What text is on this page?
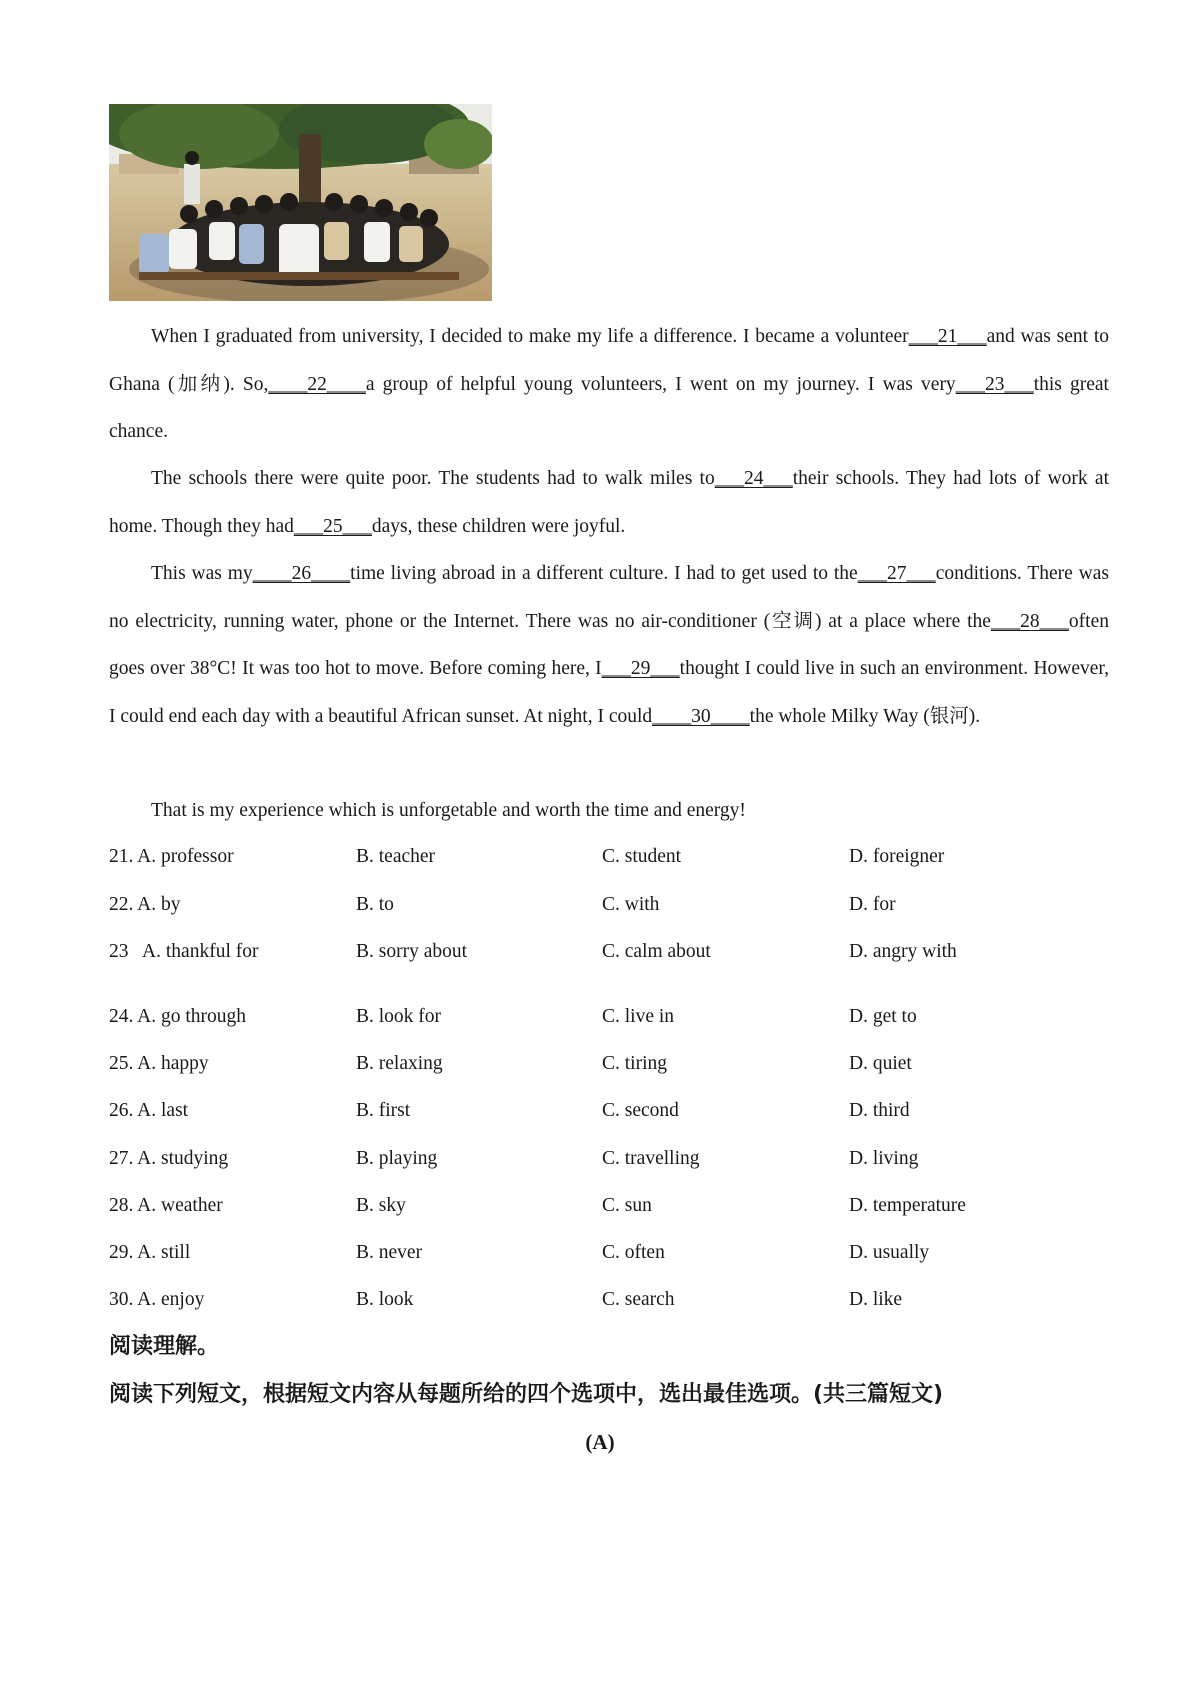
When I graduated from university, I decided to make my life a difference. I became a volunteer___21___and was sent to Ghana (加纳). So,____22____a group of helpful young volunteers, I went on my journey. I was very___23___this great chance.

The schools there were quite poor. The students had to walk miles to___24___their schools. They had lots of work at home. Though they had___25___days, these children were joyful.

This was my____26____time living abroad in a different culture. I had to get used to the___27___conditions. There was no electricity, running water, phone or the Internet. There was no air-conditioner (空调) at a place where the___28___often goes over 38°C! It was too hot to move. Before coming here, I___29___thought I could live in such an environment. However, I could end each day with a beautiful African sunset. At night, I could____30____the whole Milky Way (银河).

That is my experience which is unforgetable and worth the time and energy!

21. A. professor	B. teacher	C. student	D. foreigner
22. A. by	B. to	C. with	D. for
23   A. thankful for	B. sorry about	C. calm about	D. angry with
24. A. go through	B. look for	C. live in	D. get to
25. A. happy	B. relaxing	C. tiring	D. quiet
26. A. last	B. first	C. second	D. third
27. A. studying	B. playing	C. travelling	D. living
28. A. weather	B. sky	C. sun	D. temperature
29. A. still	B. never	C. often	D. usually
30. A. enjoy	B. look	C. search	D. like

阅读理解。

阅读下列短文，根据短文内容从每题所给的四个选项中，选出最佳选项。(共三篇短文)

(A)
